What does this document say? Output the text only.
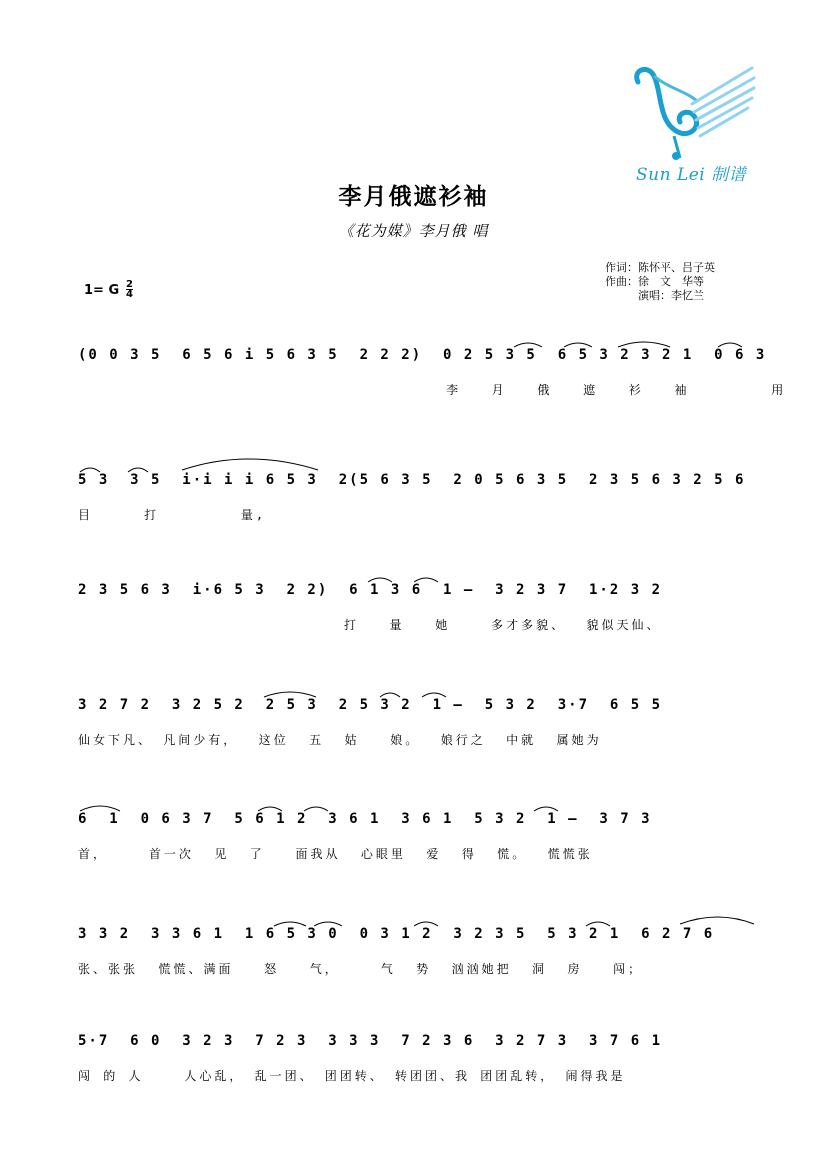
Sun Lei 制谱
李月俄遮衫袖
《花为媒》李月俄 唱
作词：陈怀平、吕子英
作曲：徐　文　华等
　　　演唱：李忆兰
1= G 2
4
(0 0 3 5  6 5 6 i 5 6 3 5  2 2 2)  0 2 5 3 5  6 5 3 2 3 2 1  0 6 3
李   月   俄   遮   衫   袖        用
5 3  3 5  i·i i i 6 5 3  2(5 6 3 5  2 0 5 6 3 5  2 3 5 6 3 2 5 6
目     打        量,
2 3 5 6 3  i·6 5 3  2 2)  6 1 3 6  1 —  3 2 3 7  1·2 3 2
打   量   她    多才多貌、  貌似天仙、
3 2 7 2  3 2 5 2  2 5 3  2 5 3 2  1 —  5 3 2  3·7  6 5 5
仙女下凡、 凡间少有，  这位  五  姑   娘。  娘行之  中就  属她为
6  1  0 6 3 7  5 6 1 2  3 6 1  3 6 1  5 3 2  1 —  3 7 3
首，    首一次  见  了   面我从  心眼里  爱  得  慌。  慌慌张
3 3 2  3 3 6 1  1 6 5 3 0  0 3 1 2  3 2 3 5  5 3 2 1  6 2 7 6
张、张张  慌慌、满面   怒   气，    气  势  汹汹她把  洞  房   闯；
5·7  6 0  3 2 3  7 2 3  3 3 3  7 2 3 6  3 2 7 3  3 7 6 1
闯 的 人    人心乱， 乱一团、 团团转、 转团团、我 团团乱转， 闹得我是
